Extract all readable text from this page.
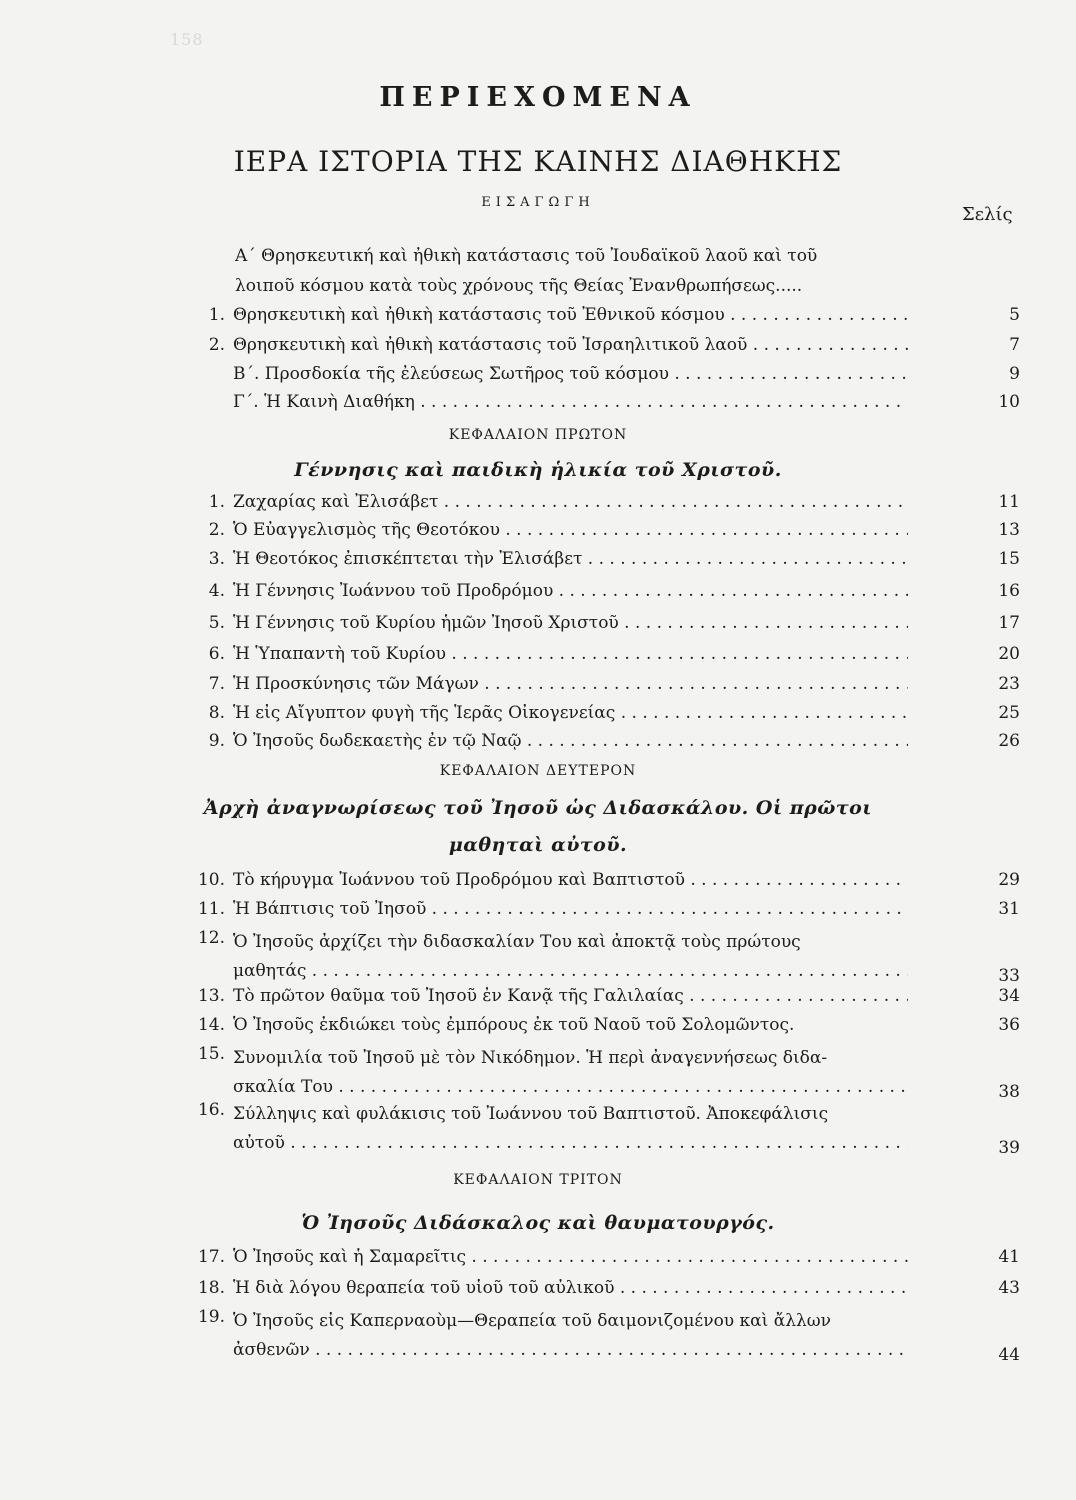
158
ΠΕΡΙΕΧΟΜΕΝΑ
ΙΕΡΑ ΙΣΤΟΡΙΑ ΤΗΣ ΚΑΙΝΗΣ ΔΙΑΘΗΚΗΣ
ΕΙΣΑΓΩΓΗ
Σελίς
Α΄ Θρησκευτική καὶ ἠθικὴ κατάστασις τοῦ Ἰουδαϊκοῦ λαοῦ καὶ τοῦ
λοιποῦ κόσμου κατὰ τοὺς χρόνους τῆς Θείας Ἐνανθρωπήσεως.....
1. Θρησκευτικὴ καὶ ἠθικὴ κατάστασις τοῦ Ἐθνικοῦ κόσμου . . .	5
2. Θρησκευτικὴ καὶ ἠθικὴ κατάστασις τοῦ Ἰσραηλιτικοῦ λαοῦ . . .	7
Β΄. Προσδοκία τῆς ἐλεύσεως Σωτῆρος τοῦ κόσμου . . .	9
Γ΄. Ἡ Καινὴ Διαθήκη . . .	10
ΚΕΦΑΛΑΙΟΝ ΠΡΩΤΟΝ
Γέννησις καὶ παιδικὴ ἡλικία τοῦ Χριστοῦ.
1. Ζαχαρίας καὶ Ἐλισάβετ . . .	11
2. Ὁ Εὐαγγελισμὸς τῆς Θεοτόκου . . .	13
3. Ἡ Θεοτόκος ἐπισκέπτεται τὴν Ἐλισάβετ . . .	15
4. Ἡ Γέννησις Ἰωάννου τοῦ Προδρόμου . . .	16
5. Ἡ Γέννησις τοῦ Κυρίου ἡμῶν Ἰησοῦ Χριστοῦ . . .	17
6. Ἡ Ὑπαπαντὴ τοῦ Κυρίου . . .	20
7. Ἡ Προσκύνησις τῶν Μάγων . . .	23
8. Ἡ εἰς Αἴγυπτον φυγὴ τῆς Ἱερᾶς Οἰκογενείας . . .	25
9. Ὁ Ἰησοῦς δωδεκαετὴς ἐν τῷ Ναῷ . . .	26
ΚΕΦΑΛΑΙΟΝ ΔΕΥΤΕΡΟΝ
Ἀρχὴ ἀναγνωρίσεως τοῦ Ἰησοῦ ὡς Διδασκάλου. Οἱ πρῶτοι
μαθηταὶ αὐτοῦ.
10. Τὸ κήρυγμα Ἰωάννου τοῦ Προδρόμου καὶ Βαπτιστοῦ . . .	29
11. Ἡ Βάπτισις τοῦ Ἰησοῦ . . .	31
12. Ὁ Ἰησοῦς ἀρχίζει τὴν διδασκαλίαν Του καὶ ἀποκτᾷ τοὺς πρώτους
μαθητάς . . .	33
13. Τὸ πρῶτον θαῦμα τοῦ Ἰησοῦ ἐν Κανᾷ τῆς Γαλιλαίας . . .	34
14. Ὁ Ἰησοῦς ἐκδιώκει τοὺς ἐμπόρους ἐκ τοῦ Ναοῦ τοῦ Σολομῶντος.	36
15. Συνομιλία τοῦ Ἰησοῦ μὲ τὸν Νικόδημον. Ἡ περὶ ἀναγεννήσεως διδα-
σκαλία Του . . .	38
16. Σύλληψις καὶ φυλάκισις τοῦ Ἰωάννου τοῦ Βαπτιστοῦ. Ἀποκεφάλισις
αὐτοῦ . . .	39
ΚΕΦΑΛΑΙΟΝ ΤΡΙΤΟΝ
Ὁ Ἰησοῦς Διδάσκαλος καὶ θαυματουργός.
17. Ὁ Ἰησοῦς καὶ ἡ Σαμαρεῖτις . . .	41
18. Ἡ διὰ λόγου θεραπεία τοῦ υἱοῦ τοῦ αὐλικοῦ . . .	43
19. Ὁ Ἰησοῦς εἰς Καπερναοὺμ—Θεραπεία τοῦ δαιμονιζομένου καὶ ἄλλων
ἀσθενῶν . . .	44
